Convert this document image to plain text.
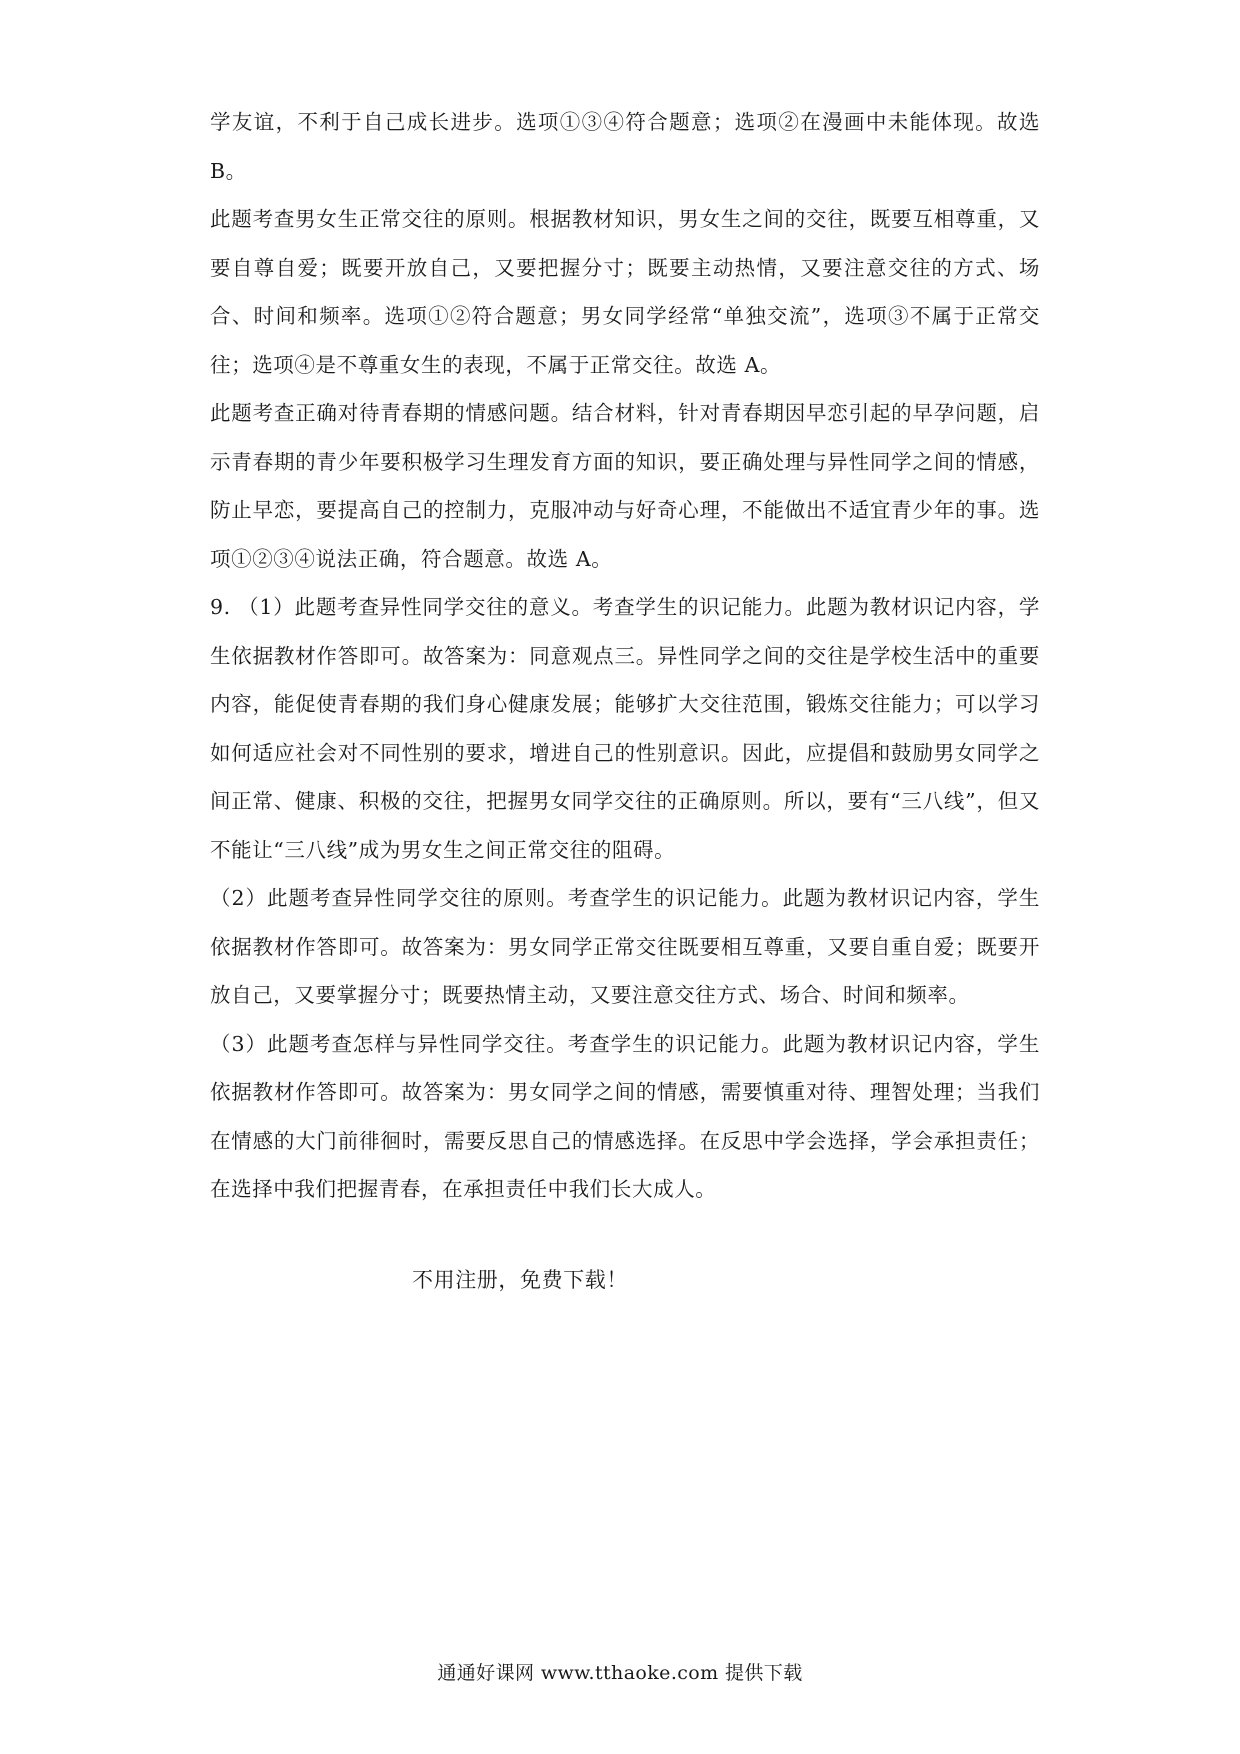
学友谊，不利于自己成长进步。选项①③④符合题意；选项②在漫画中未能体现。故选B。

此题考查男女生正常交往的原则。根据教材知识，男女生之间的交往，既要互相尊重，又要自尊自爱；既要开放自己，又要把握分寸；既要主动热情，又要注意交往的方式、场合、时间和频率。选项①②符合题意；男女同学经常“单独交流”，选项③不属于正常交往；选项④是不尊重女生的表现，不属于正常交往。故选 A。

此题考查正确对待青春期的情感问题。结合材料，针对青春期因早恋引起的早孕问题，启示青春期的青少年要积极学习生理发育方面的知识，要正确处理与异性同学之间的情感，防止早恋，要提高自己的控制力，克服冲动与好奇心理，不能做出不适宜青少年的事。选项①②③④说法正确，符合题意。故选 A。

9. （1）此题考查异性同学交往的意义。考查学生的识记能力。此题为教材识记内容，学生依据教材作答即可。故答案为：同意观点三。异性同学之间的交往是学校生活中的重要内容，能促使青春期的我们身心健康发展；能够扩大交往范围，锻炼交往能力；可以学习如何适应社会对不同性别的要求，增进自己的性别意识。因此，应提倡和鼓励男女同学之间正常、健康、积极的交往，把握男女同学交往的正确原则。所以，要有“三八线”，但又不能让“三八线”成为男女生之间正常交往的阻碍。

（2）此题考查异性同学交往的原则。考查学生的识记能力。此题为教材识记内容，学生依据教材作答即可。故答案为：男女同学正常交往既要相互尊重，又要自重自爱；既要开放自己，又要掌握分寸；既要热情主动，又要注意交往方式、场合、时间和频率。

（3）此题考查怎样与异性同学交往。考查学生的识记能力。此题为教材识记内容，学生依据教材作答即可。故答案为：男女同学之间的情感，需要慎重对待、理智处理；当我们在情感的大门前徘徊时，需要反思自己的情感选择。在反思中学会选择，学会承担责任；在选择中我们把握青春，在承担责任中我们长大成人。

不用注册，免费下载！
通通好课网 www.tthaoke.com 提供下载
